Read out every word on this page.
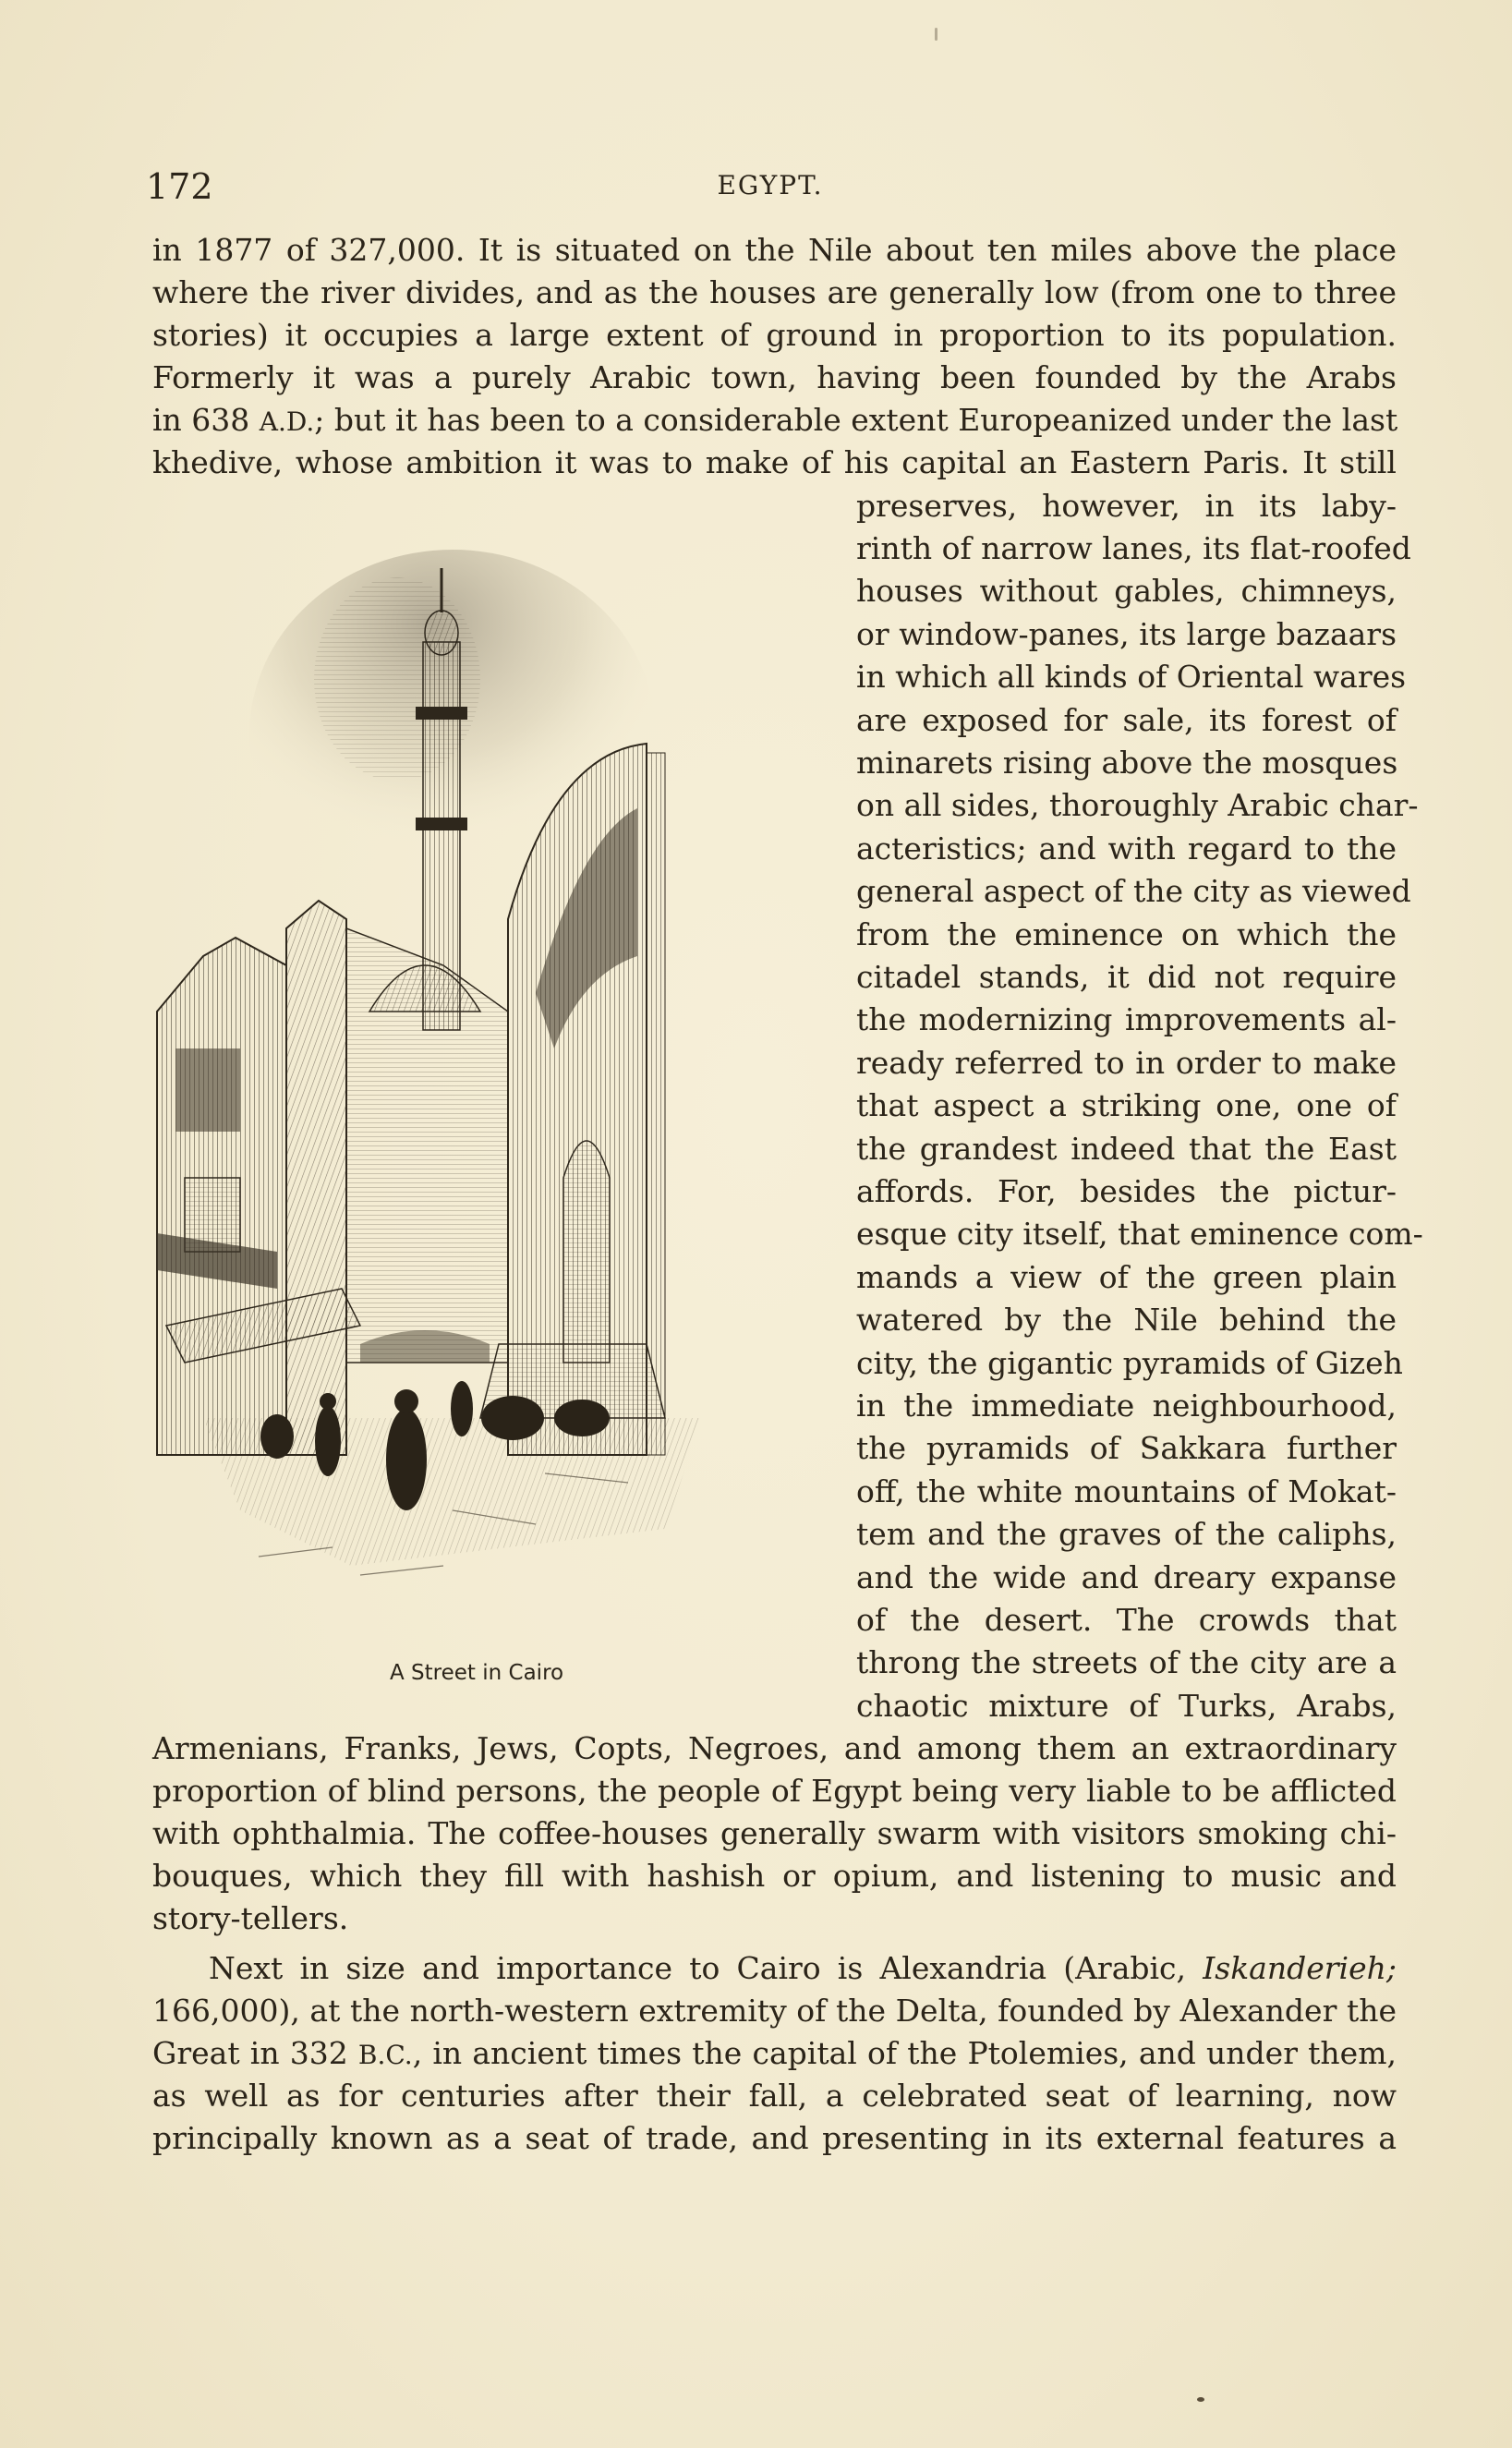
172	EGYPT.
in 1877 of 327,000. It is situated on the Nile about ten miles above the place
where the river divides, and as the houses are generally low (from one to three
stories) it occupies a large extent of ground in proportion to its population.
Formerly it was a purely Arabic town, having been founded by the Arabs
in 638 A.D.; but it has been to a considerable extent Europeanized under the last
khedive, whose ambition it was to make of his capital an Eastern Paris. It still
preserves, however, in its laby-
rinth of narrow lanes, its flat-roofed
houses without gables, chimneys,
or window-panes, its large bazaars
in which all kinds of Oriental wares
are exposed for sale, its forest of
minarets rising above the mosques
on all sides, thoroughly Arabic char-
acteristics; and with regard to the
general aspect of the city as viewed
from the eminence on which the
citadel stands, it did not require
the modernizing improvements al-
ready referred to in order to make
that aspect a striking one, one of
the grandest indeed that the East
affords. For, besides the pictur-
esque city itself, that eminence com-
mands a view of the green plain
watered by the Nile behind the
city, the gigantic pyramids of Gizeh
in the immediate neighbourhood,
the pyramids of Sakkara further
off, the white mountains of Mokat-
tem and the graves of the caliphs,
and the wide and dreary expanse
of the desert. The crowds that
throng the streets of the city are a
chaotic mixture of Turks, Arabs,
A Street in Cairo
Armenians, Franks, Jews, Copts, Negroes, and among them an extraordinary
proportion of blind persons, the people of Egypt being very liable to be afflicted
with ophthalmia. The coffee-houses generally swarm with visitors smoking chi-
bouques, which they fill with hashish or opium, and listening to music and
story-tellers.
Next in size and importance to Cairo is Alexandria (Arabic, Iskanderieh;
166,000), at the north-western extremity of the Delta, founded by Alexander the
Great in 332 B.C., in ancient times the capital of the Ptolemies, and under them,
as well as for centuries after their fall, a celebrated seat of learning, now
principally known as a seat of trade, and presenting in its external features a
